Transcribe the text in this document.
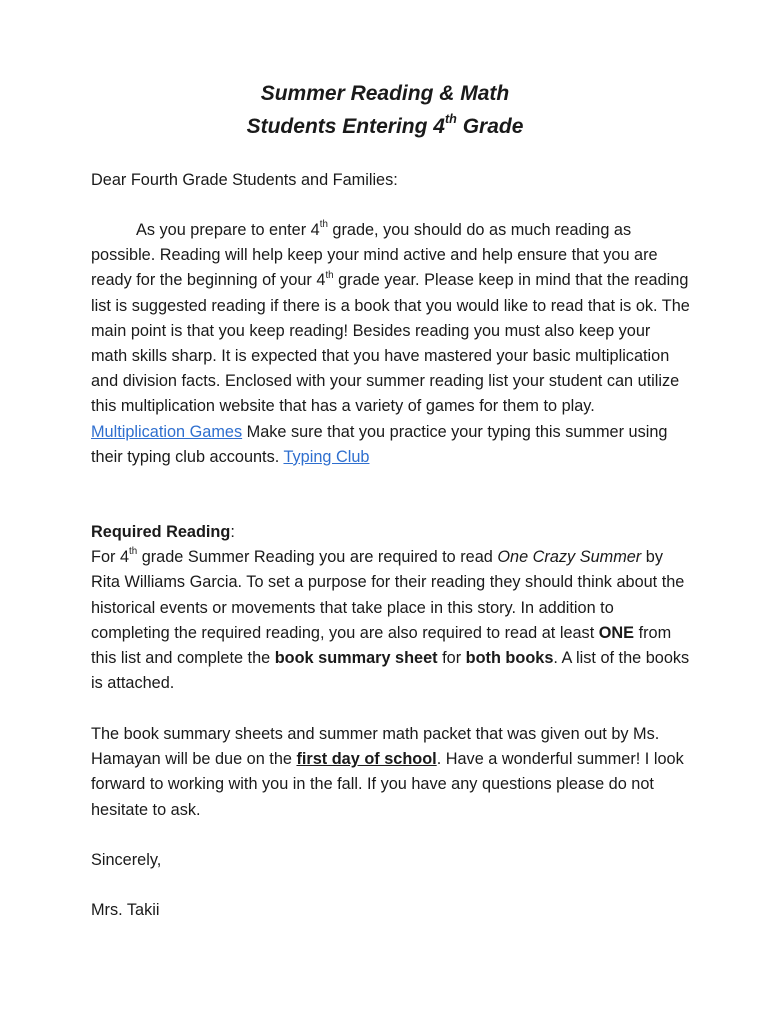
Summer Reading & Math
Students Entering 4th Grade
Dear Fourth Grade Students and Families:
As you prepare to enter 4th grade, you should do as much reading as possible. Reading will help keep your mind active and help ensure that you are ready for the beginning of your 4th grade year. Please keep in mind that the reading list is suggested reading if there is a book that you would like to read that is ok. The main point is that you keep reading! Besides reading you must also keep your math skills sharp. It is expected that you have mastered your basic multiplication and division facts. Enclosed with your summer reading list your student can utilize this multiplication website that has a variety of games for them to play. Multiplication Games Make sure that you practice your typing this summer using their typing club accounts. Typing Club
Required Reading:
For 4th grade Summer Reading you are required to read One Crazy Summer by Rita Williams Garcia. To set a purpose for their reading they should think about the historical events or movements that take place in this story. In addition to completing the required reading, you are also required to read at least ONE from this list and complete the book summary sheet for both books. A list of the books is attached.
The book summary sheets and summer math packet that was given out by Ms. Hamayan will be due on the first day of school. Have a wonderful summer! I look forward to working with you in the fall. If you have any questions please do not hesitate to ask.
Sincerely,
Mrs. Takii
